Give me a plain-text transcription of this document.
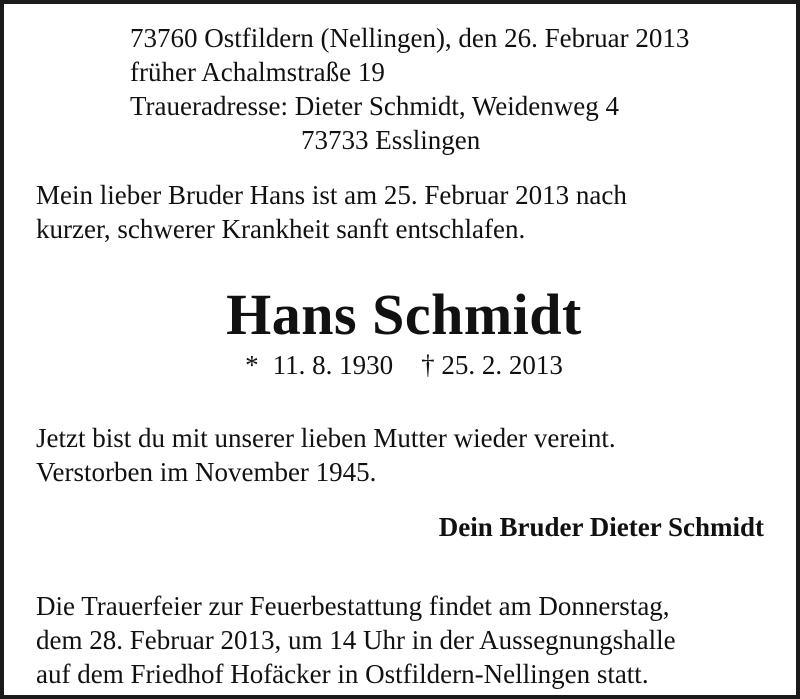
73760 Ostfildern (Nellingen), den 26. Februar 2013
früher Achalmstraße 19
Traueradresse: Dieter Schmidt, Weidenweg 4
73733 Esslingen
Mein lieber Bruder Hans ist am 25. Februar 2013 nach
kurzer, schwerer Krankheit sanft entschlafen.
Hans Schmidt
* 11. 8. 1930 † 25. 2. 2013
Jetzt bist du mit unserer lieben Mutter wieder vereint.
Verstorben im November 1945.
Dein Bruder Dieter Schmidt
Die Trauerfeier zur Feuerbestattung findet am Donnerstag,
dem 28. Februar 2013, um 14 Uhr in der Aussegnungshalle
auf dem Friedhof Hofäcker in Ostfildern-Nellingen statt.
